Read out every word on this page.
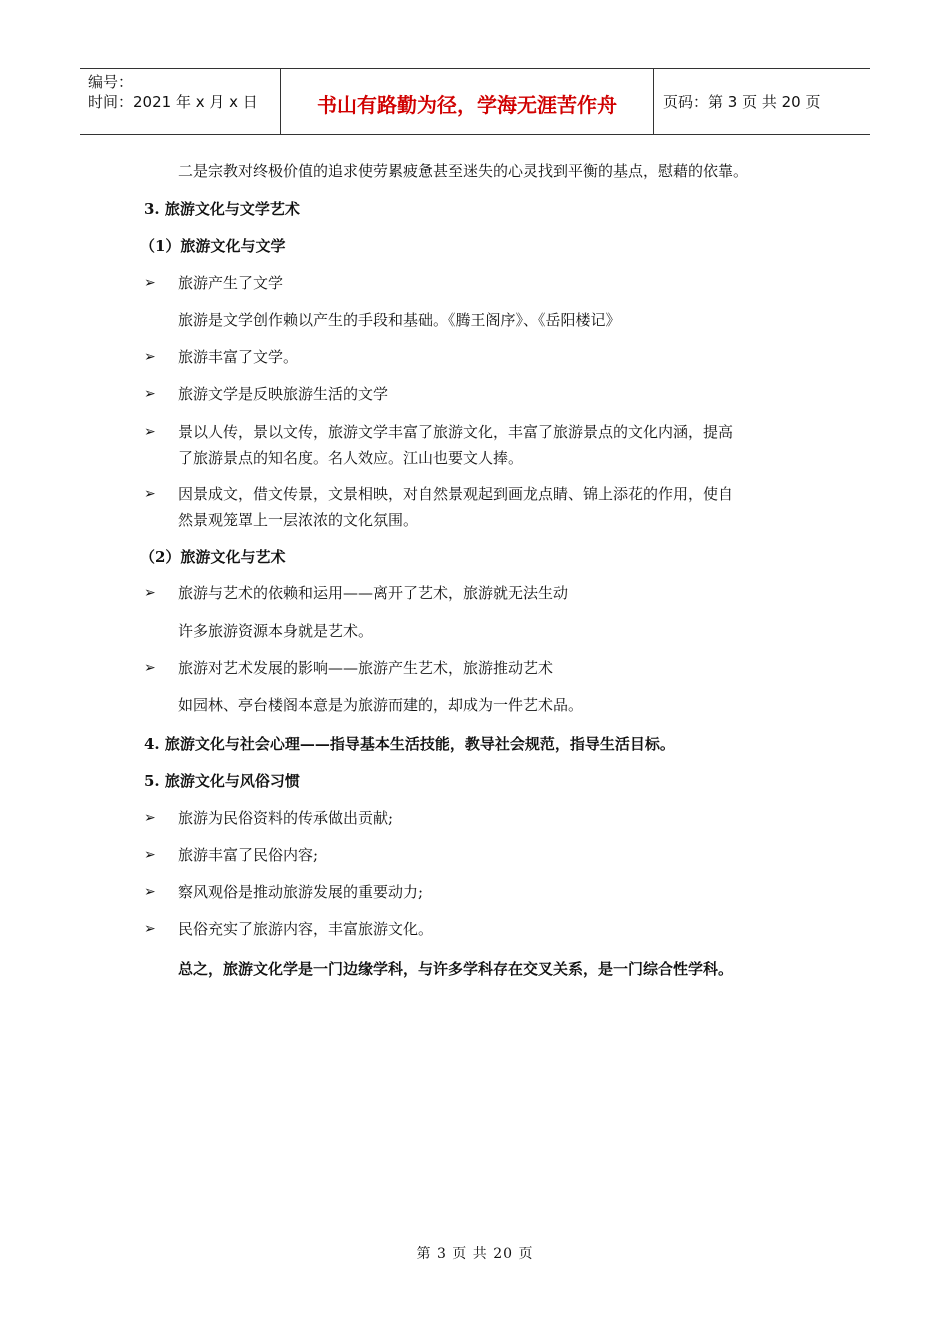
编号：
时间：2021 年 x 月 x 日	书山有路勤为径，学海无涯苦作舟	页码：第 3 页 共 20 页
二是宗教对终极价值的追求使劳累疲惫甚至迷失的心灵找到平衡的基点，慰藉的依靠。
3. 旅游文化与文学艺术
（1）旅游文化与文学
➢ 旅游产生了文学
旅游是文学创作赖以产生的手段和基础。《腾王阁序》、《岳阳楼记》
➢ 旅游丰富了文学。
➢ 旅游文学是反映旅游生活的文学
➢ 景以人传，景以文传，旅游文学丰富了旅游文化，丰富了旅游景点的文化内涵，提高
了旅游景点的知名度。名人效应。江山也要文人捧。
➢ 因景成文，借文传景，文景相映，对自然景观起到画龙点睛、锦上添花的作用，使自
然景观笼罩上一层浓浓的文化氛围。
（2）旅游文化与艺术
➢ 旅游与艺术的依赖和运用——离开了艺术，旅游就无法生动
许多旅游资源本身就是艺术。
➢ 旅游对艺术发展的影响——旅游产生艺术，旅游推动艺术
如园林、亭台楼阁本意是为旅游而建的，却成为一件艺术品。
4. 旅游文化与社会心理——指导基本生活技能，教导社会规范，指导生活目标。
5. 旅游文化与风俗习惯
➢ 旅游为民俗资料的传承做出贡献;
➢ 旅游丰富了民俗内容;
➢ 察风观俗是推动旅游发展的重要动力;
➢ 民俗充实了旅游内容，丰富旅游文化。
总之，旅游文化学是一门边缘学科，与许多学科存在交叉关系，是一门综合性学科。
第 3 页 共 20 页
